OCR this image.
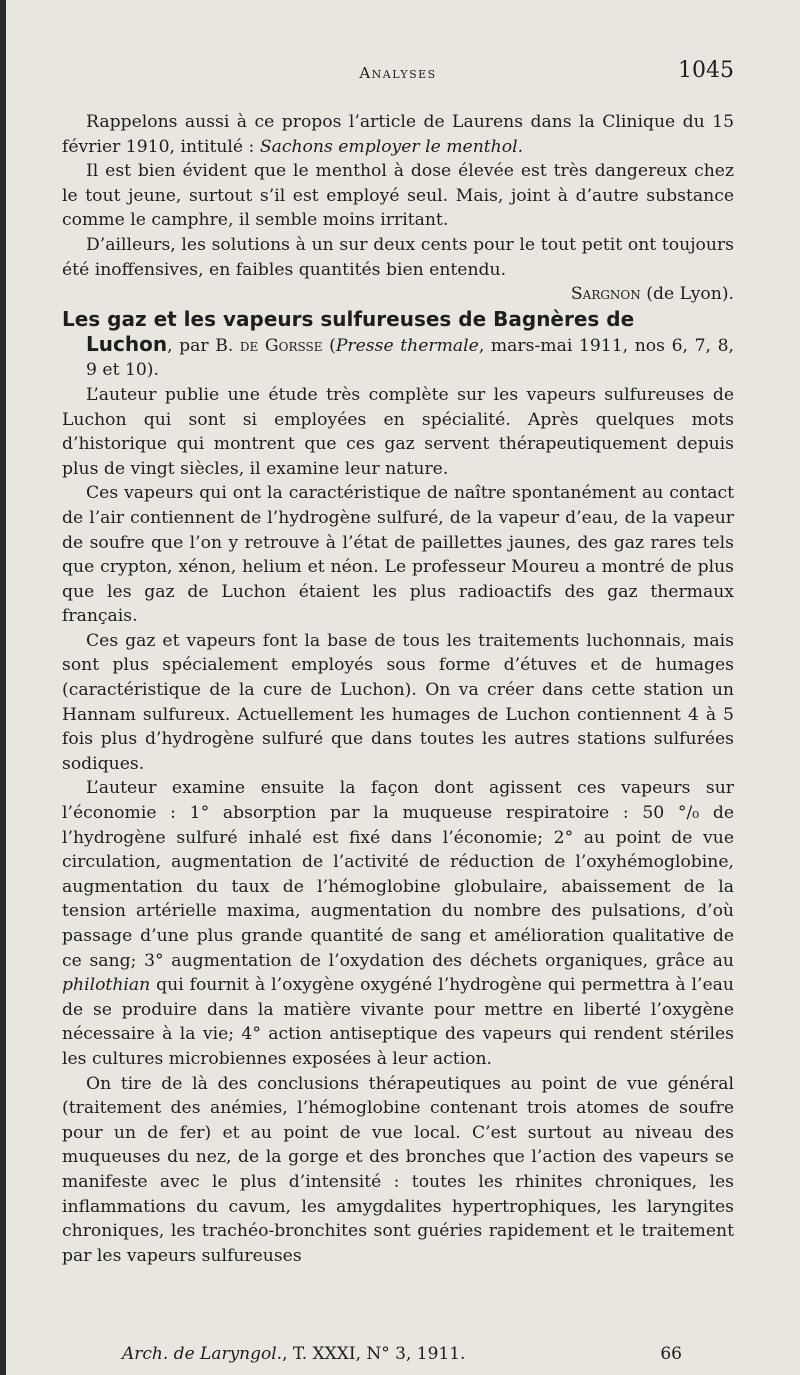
Analyses	1045

Rappelons aussi à ce propos l’article de Laurens dans la Clinique du 15 février 1910, intitulé : Sachons employer le menthol.

Il est bien évident que le menthol à dose élevée est très dangereux chez le tout jeune, surtout s’il est employé seul. Mais, joint à d’autre substance comme le camphre, il semble moins irritant.

D’ailleurs, les solutions à un sur deux cents pour le tout petit ont toujours été inoffensives, en faibles quantités bien entendu.

Sargnon (de Lyon).

Les gaz et les vapeurs sulfureuses de Bagnères de
Luchon, par B. de Gorsse (Presse thermale, mars-mai 1911, nos 6, 7, 8, 9 et 10).

L’auteur publie une étude très complète sur les vapeurs sulfureuses de Luchon qui sont si employées en spécialité. Après quelques mots d’historique qui montrent que ces gaz servent thérapeutiquement depuis plus de vingt siècles, il examine leur nature.

Ces vapeurs qui ont la caractéristique de naître spontanément au contact de l’air contiennent de l’hydrogène sulfuré, de la vapeur d’eau, de la vapeur de soufre que l’on y retrouve à l’état de paillettes jaunes, des gaz rares tels que crypton, xénon, helium et néon. Le professeur Moureu a montré de plus que les gaz de Luchon étaient les plus radioactifs des gaz thermaux français.

Ces gaz et vapeurs font la base de tous les traitements luchonnais, mais sont plus spécialement employés sous forme d’étuves et de humages (caractéristique de la cure de Luchon). On va créer dans cette station un Hannam sulfureux. Actuellement les humages de Luchon contiennent 4 à 5 fois plus d’hydrogène sulfuré que dans toutes les autres stations sulfurées sodiques.

L’auteur examine ensuite la façon dont agissent ces vapeurs sur l’économie : 1° absorption par la muqueuse respiratoire : 50 °/₀ de l’hydrogène sulfuré inhalé est fixé dans l’économie; 2° au point de vue circulation, augmentation de l’activité de réduction de l’oxyhémoglobine, augmentation du taux de l’hémoglobine globulaire, abaissement de la tension artérielle maxima, augmentation du nombre des pulsations, d’où passage d’une plus grande quantité de sang et amélioration qualitative de ce sang; 3° augmentation de l’oxydation des déchets organiques, grâce au philothian qui fournit à l’oxygène oxygéné l’hydrogène qui permettra à l’eau de se produire dans la matière vivante pour mettre en liberté l’oxygène nécessaire à la vie; 4° action antiseptique des vapeurs qui rendent stériles les cultures microbiennes exposées à leur action.

On tire de là des conclusions thérapeutiques au point de vue général (traitement des anémies, l’hémoglobine contenant trois atomes de soufre pour un de fer) et au point de vue local. C’est surtout au niveau des muqueuses du nez, de la gorge et des bronches que l’action des vapeurs se manifeste avec le plus d’intensité : toutes les rhinites chroniques, les inflammations du cavum, les amygdalites hypertrophiques, les laryngites chroniques, les trachéo-bronchites sont guéries rapidement et le traitement par les vapeurs sulfureuses

Arch. de Laryngol., T. XXXI, N° 3, 1911.	66
